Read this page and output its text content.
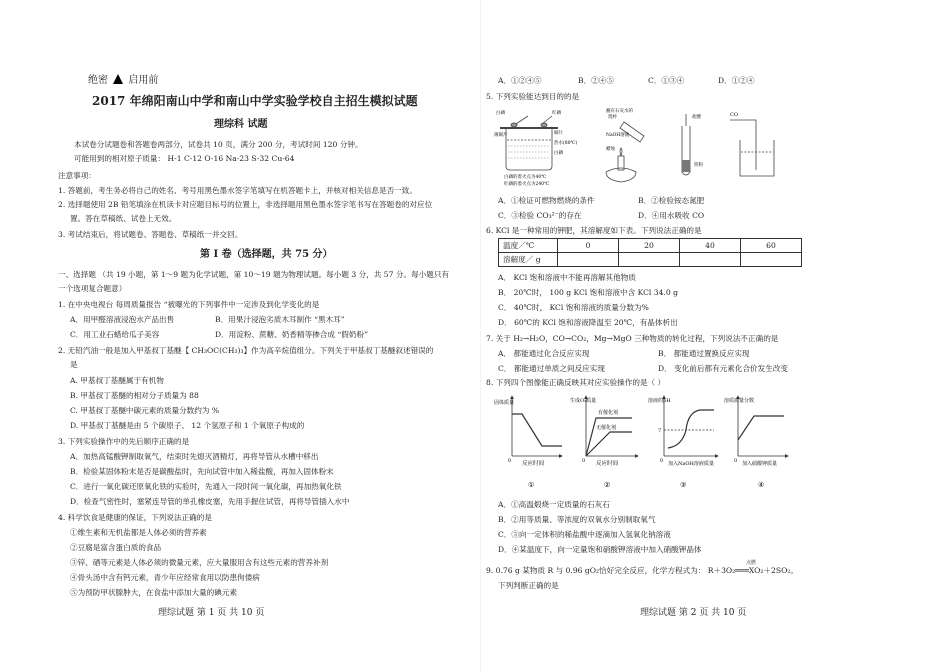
绝密 启用前
2017 年绵阳南山中学和南山中学实验学校自主招生模拟试题
理综科 试题
本试卷分试题卷和答题卷两部分，试卷共 10 页，满分 200 分，考试时间 120 分钟。
可能用到的相对原子质量： H-1 C-12 O-16 Na-23 S-32 Cu-64
注意事项：
1. 答题前，考生务必将自己的姓名、考号用黑色墨水签字笔填写在机答题卡上，并核对相关信息是否一致。
2. 选择题使用 2B 铅笔填涂在机读卡对应题目标号的位置上，非选择题用黑色墨水签字笔书写在答题卷的对应位
置。答在草稿纸、试卷上无效。
3. 考试结束后，将试题卷、答题卷、草稿纸一并交回。
第 Ⅰ 卷（选择题，共 75 分）
一、选择题 （共 19 小题，第 1～9 题为化学试题，第 10～19 题为物理试题。每小题 3 分，共 57 分。每小题只有
一个选项复合题意）
1. 在中央电视台 每周质量报告 “被曝光的下列事件中一定涉及到化学变化的是
A．用甲醛溶液浸泡水产品出售	B．用果汁浸泡劣质木耳制作 “黑木耳”
C．用工业石蜡给瓜子美容	D．用淀粉、蔗糖、奶香精等掺合成 “假奶粉”
2. 无铅汽油一般是加入甲基叔丁基醚【 CH₃OC(CH₃)₃】作为高辛烷值组分。下列关于甲基叔丁基醚叙述错误的
是
A. 甲基叔丁基醚属于有机物
B. 甲基叔丁基醚的相对分子质量为 88
C. 甲基叔丁基醚中碳元素的质量分数约为 %
D. 甲基叔丁基醚是由 5 个碳原子、 12 个氢原子和 1 个氧原子构成的
3. 下列实验操作中的先后顺序正确的是
A．加热高锰酸钾制取氧气，结束时先熄灭酒精灯，再将导管从水槽中移出
B．检验某固体粉末是否是碳酸盐时，先向试管中加入稀盐酸，再加入固体粉末
C．进行一氧化碳还原氧化铁的实验时，先通入一段时间一氧化碳，再加热氧化铁
D．检查气密性时，塞紧连导管的单孔橡皮塞，先用手握住试管，再将导管插入水中
4. 科学饮食是健康的保证，下列说法正确的是
①维生素和无机盐都是人体必须的营养素
②豆腐是富含蛋白质的食品
③锌、硒等元素是人体必须的微量元素，应大量服用含有这些元素的营养补剂
④骨头汤中含有钙元素，青少年应经常食用以防患佝偻病
⑤为预防甲状腺肿大，在食盐中添加大量的碘元素
理综试题 第 1 页 共 10 页
A．①②④⑤	B．②④⑤	C．①③④	D．①②④
5. 下列实验能达到目的的是
白磷	红磷
热水(80℃)
白磷
薄铜片	铜片
白磷的着火点为40℃
红磷的着火点为240℃
蘸有石灰水的
烧杯
NaOH溶液
蜡烛
盐酸
铁粉
CO
A．①检证可燃物燃烧的条件	B．②检验铵态氮肥
C．③检验 CO₃²⁻的存在	D．④用水吸收 CO
6. KCl 是一种常用的钾肥，其溶解度如下表。下列说法正确的是
温度／℃	0	20	40	60
溶解度／ g				
A． KCl 饱和溶液中不能再溶解其他物质
B． 20℃时， 100 g KCl 饱和溶液中含 KCl 34.0 g
C． 40℃时， KCl 饱和溶液的质量分数为%
D． 60℃的 KCl 饱和溶液降温至 20℃，有晶体析出
7. 关于 H₂→H₂O，CO→CO₂，Mg→MgO 三种物质的转化过程，下列说法不正确的是
A． 都能通过化合反应实现	B． 都能通过置换反应实现
C． 都能通过单质之间反应实现	D． 变化前后都有元素化合价发生改变
8. 下列四个图像能正确反映其对应实验操作的是（ ）
固体质量
反应时间
0
①
生成O₂质量
反应时间
0
有催化剂
无催化剂
②
溶液的pH
7
加入NaOH溶液质量
0
③
溶质质量分数
加入硝酸钾质量
0
④
A．①高温煅烧一定质量的石灰石
B．②用等质量、等浓度的双氧水分别制取氧气
C．③向一定体积的稀盐酸中逐滴加入氢氧化钠溶液
D．④某温度下，向一定量饱和硝酸钾溶液中加入硝酸钾晶体
点燃
9. 0.76 g 某物质 R 与 0.96 gO₂恰好完全反应，化学方程式为： R＋3O₂═══XO₂＋2SO₂。
下列判断正确的是
理综试题 第 2 页 共 10 页
